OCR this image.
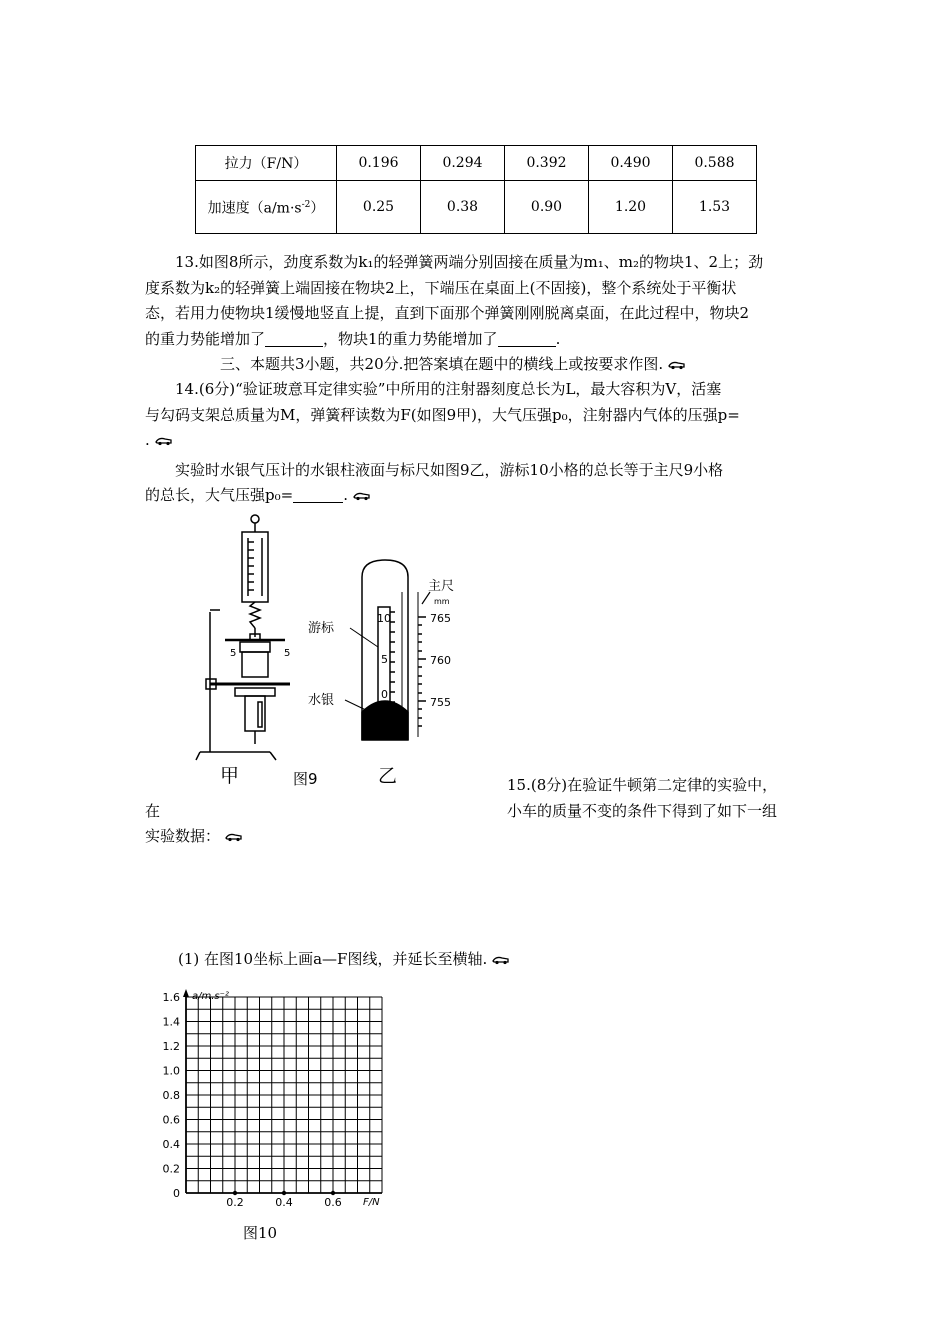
拉力（F/N）	0.196	0.294	0.392	0.490	0.588
加速度$(a/m\cdot s^{-2})$	0.25	0.38	0.90	1.20	1.53
13.如图8所示，劲度系数为k₁的轻弹簧两端分别固接在质量为m₁、m₂的物块1、2上；劲
度系数为k₂的轻弹簧上端固接在物块2上，下端压在桌面上(不固接)，整个系统处于平衡状
态，若用力使物块1缓慢地竖直上提，直到下面那个弹簧刚刚脱离桌面，在此过程中，物块2
的重力势能增加了	，物块1的重力势能增加了	.
三、本题共3小题，共20分.把答案填在题中的横线上或按要求作图.
14.(6分)“验证玻意耳定律实验”中所用的注射器刻度总长为L，最大容积为V，活塞
与勾码支架总质量为M，弹簧秤读数为F(如图9甲)，大气压强p₀，注射器内气体的压强p=
.
实验时水银气压计的水银柱液面与标尺如图9乙，游标10小格的总长等于主尺9小格
的总长，大气压强p₀=	.
5	5
10
5
0
765
760
755
游标
水银
主尺
mm
甲	图9	乙	15.(8分)在验证牛顿第二定律的实验中，
小车的质量不变的条件下得到了如下一组
在
实验数据：
(1) 在图10坐标上画a—F图线，并延长至横轴.
1.6
1.4
1.2
1.0
0.8
0.6
0.4
0.2
0
0.2	0.4	0.6
a/m.s⁻²
F/N
图10
